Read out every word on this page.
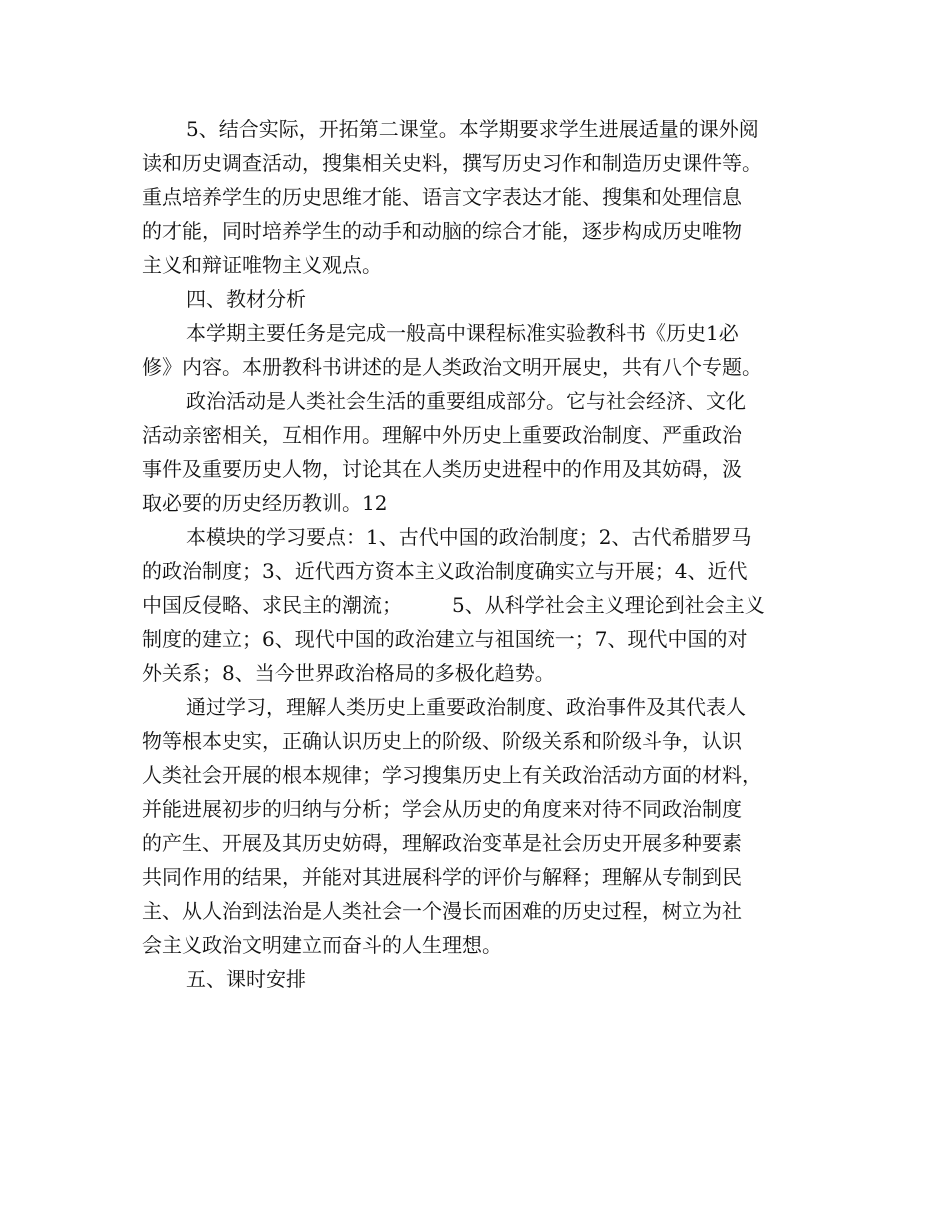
5、结合实际，开拓第二课堂。本学期要求学生进展适量的课外阅
读和历史调查活动，搜集相关史料，撰写历史习作和制造历史课件等。
重点培养学生的历史思维才能、语言文字表达才能、搜集和处理信息
的才能，同时培养学生的动手和动脑的综合才能，逐步构成历史唯物
主义和辩证唯物主义观点。
四、教材分析
本学期主要任务是完成一般高中课程标准实验教科书《历史1必
修》内容。本册教科书讲述的是人类政治文明开展史，共有八个专题。
政治活动是人类社会生活的重要组成部分。它与社会经济、文化
活动亲密相关，互相作用。理解中外历史上重要政治制度、严重政治
事件及重要历史人物，讨论其在人类历史进程中的作用及其妨碍，汲
取必要的历史经历教训。12
本模块的学习要点：1、古代中国的政治制度；2、古代希腊罗马
的政治制度；3、近代西方资本主义政治制度确实立与开展；4、近代
中国反侵略、求民主的潮流；　　　5、从科学社会主义理论到社会主义
制度的建立；6、现代中国的政治建立与祖国统一；7、现代中国的对
外关系；8、当今世界政治格局的多极化趋势。
通过学习，理解人类历史上重要政治制度、政治事件及其代表人
物等根本史实，正确认识历史上的阶级、阶级关系和阶级斗争，认识
人类社会开展的根本规律；学习搜集历史上有关政治活动方面的材料，
并能进展初步的归纳与分析；学会从历史的角度来对待不同政治制度
的产生、开展及其历史妨碍，理解政治变革是社会历史开展多种要素
共同作用的结果，并能对其进展科学的评价与解释；理解从专制到民
主、从人治到法治是人类社会一个漫长而困难的历史过程，树立为社
会主义政治文明建立而奋斗的人生理想。
五、课时安排
